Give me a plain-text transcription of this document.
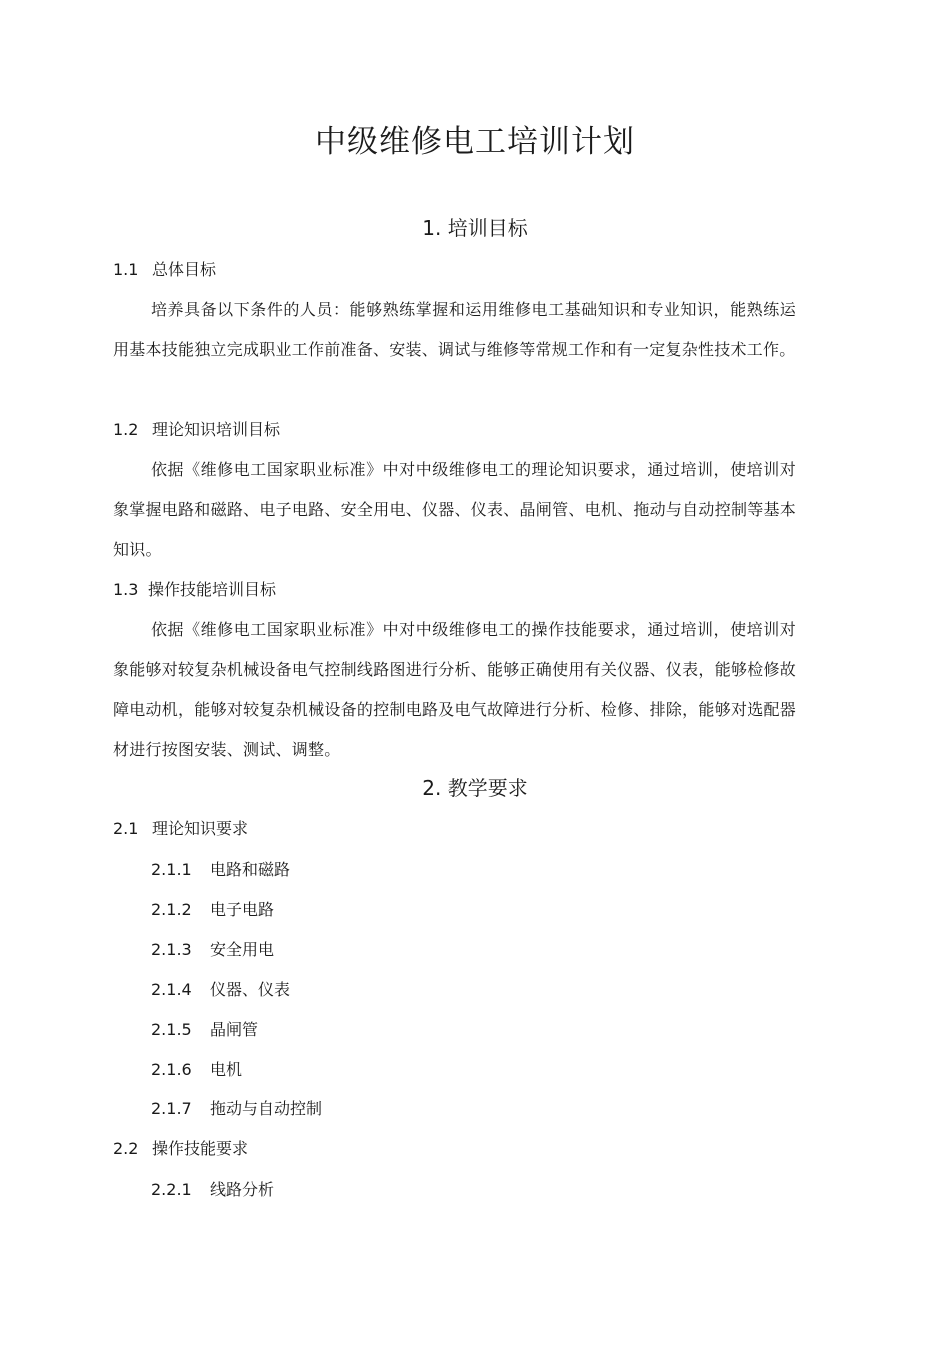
中级维修电工培训计划
1. 培训目标
1.1 总体目标

培养具备以下条件的人员：能够熟练掌握和运用维修电工基础知识和专业知识，能熟练运用基本技能独立完成职业工作前准备、安装、调试与维修等常规工作和有一定复杂性技术工作。

1.2 理论知识培训目标

依据《维修电工国家职业标准》中对中级维修电工的理论知识要求，通过培训，使培训对象掌握电路和磁路、电子电路、安全用电、仪器、仪表、晶闸管、电机、拖动与自动控制等基本知识。

1.3 操作技能培训目标

依据《维修电工国家职业标准》中对中级维修电工的操作技能要求，通过培训，使培训对象能够对较复杂机械设备电气控制线路图进行分析、能够正确使用有关仪器、仪表，能够检修故障电动机，能够对较复杂机械设备的控制电路及电气故障进行分析、检修、排除，能够对选配器材进行按图安装、测试、调整。

2. 教学要求
2.1 理论知识要求
2.1.1 电路和磁路
2.1.2 电子电路
2.1.3 安全用电
2.1.4 仪器、仪表
2.1.5 晶闸管
2.1.6 电机
2.1.7 拖动与自动控制
2.2 操作技能要求
2.2.1 线路分析
